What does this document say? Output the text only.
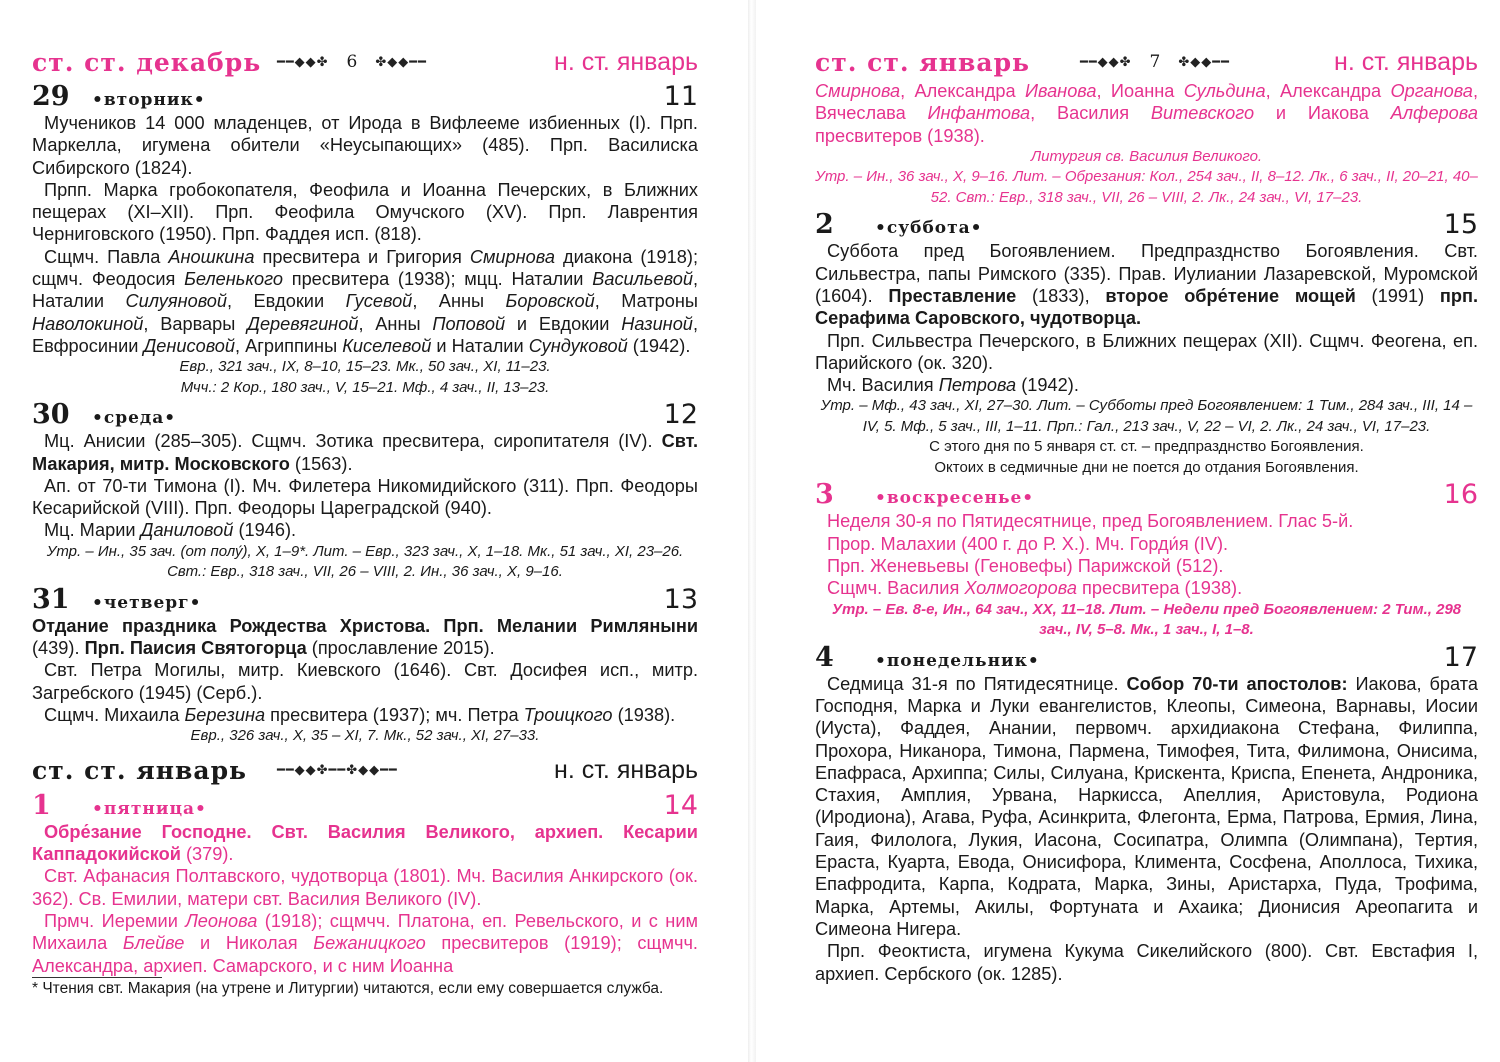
ст. ст. декабрь ━━◆◆✤ 6 ✤◆◆━━	н. ст. январь
29	•вторник•	11

Мучеников 14 000 младенцев, от Ирода в Вифлееме избиенных (I). Прп. Маркелла, игумена обители «Неусыпающих» (485). Прп. Василиска Сибирского (1824).

Прпп. Марка гробокопателя, Феофила и Иоанна Печерских, в Ближних пещерах (XI–XII). Прп. Феофила Омучского (XV). Прп. Лаврентия Черниговского (1950). Прп. Фаддея исп. (818).

Сщмч. Павла Аношкина пресвитера и Григория Смирнова диакона (1918); сщмч. Феодосия Беленького пресвитера (1938); мцц. Наталии Васильевой, Наталии Силуяновой, Евдокии Гусевой, Анны Боровской, Матроны Наволокиной, Варвары Деревягиной, Анны Поповой и Евдокии Назиной, Евфросинии Денисовой, Агриппины Киселевой и Наталии Сундуковой (1942).

Евр., 321 зач., IX, 8–10, 15–23. Мк., 50 зач., XI, 11–23.
Мчч.: 2 Кор., 180 зач., V, 15–21. Мф., 4 зач., II, 13–23.
30	•среда•	12

Мц. Анисии (285–305). Сщмч. Зотика пресвитера, сиропитателя (IV). Свт. Макария, митр. Московского (1563).

Ап. от 70-ти Тимона (I). Мч. Филетера Никомидийского (311). Прп. Феодоры Кесарийской (VIII). Прп. Феодоры Цареградской (940).

Мц. Марии Даниловой (1946).

Утр. – Ин., 35 зач. (от полу́), X, 1–9*. Лит. – Евр., 323 зач., X, 1–18. Мк., 51 зач., XI, 23–26. Свт.: Евр., 318 зач., VII, 26 – VIII, 2. Ин., 36 зач., X, 9–16.
31	•четверг•	13

Отдание праздника Рождества Христова. Прп. Мелании Римляныни (439). Прп. Паисия Святогорца (прославление 2015).

Свт. Петра Могилы, митр. Киевского (1646). Свт. Досифея исп., митр. Загребского (1945) (Серб.).

Сщмч. Михаила Березина пресвитера (1937); мч. Петра Троицкого (1938).

Евр., 326 зач., X, 35 – XI, 7. Мк., 52 зач., XI, 27–33.
ст. ст. январь ━━◆◆✤━━✤◆◆━━	н. ст. январь
1	•пятница•	14

Обре́зание Господне. Свт. Василия Великого, архиеп. Кесарии Каппадокийской (379).

Свт. Афанасия Полтавского, чудотворца (1801). Мч. Василия Анкирского (ок. 362). Св. Емилии, матери свт. Василия Великого (IV).

Прмч. Иеремии Леонова (1918); сщмчч. Платона, еп. Ревельского, и с ним Михаила Блейве и Николая Бежаницкого пресвитеров (1919); сщмчч. Александра, архиеп. Самарского, и с ним Иоанна

* Чтения свт. Макария (на утрене и Литургии) читаются, если ему совершается служба.
ст. ст. январь	━━◆◆✤ 7 ✤◆◆━━	н. ст. январь

Смирнова, Александра Иванова, Иоанна Сульдина, Александра Органова, Вячеслава Инфантова, Василия Витевского и Иакова Алферова пресвитеров (1938).

Литургия св. Василия Великого.
Утр. – Ин., 36 зач., X, 9–16. Лит. – Обрезания: Кол., 254 зач., II, 8–12. Лк., 6 зач., II, 20–21, 40–52. Свт.: Евр., 318 зач., VII, 26 – VIII, 2. Лк., 24 зач., VI, 17–23.
2	•суббота•	15

Суббота пред Богоявлением. Предпразднство Богоявления. Свт. Сильвестра, папы Римского (335). Прав. Иулиании Лазаревской, Муромской (1604). Преставление (1833), второе обре́тение мощей (1991) прп. Серафима Саровского, чудотворца.

Прп. Сильвестра Печерского, в Ближних пещерах (XII). Сщмч. Феогена, еп. Парийского (ок. 320).

Мч. Василия Петрова (1942).

Утр. – Мф., 43 зач., XI, 27–30. Лит. – Субботы пред Богоявлением: 1 Тим., 284 зач., III, 14 – IV, 5. Мф., 5 зач., III, 1–11. Прп.: Гал., 213 зач., V, 22 – VI, 2. Лк., 24 зач., VI, 17–23.
С этого дня по 5 января ст. ст. – предпразднство Богоявления.
Октоих в седмичные дни не поется до отдания Богоявления.
3	•воскресенье•	16

Неделя 30-я по Пятидесятнице, пред Богоявлением. Глас 5-й.

Прор. Малахии (400 г. до Р. Х.). Мч. Горди́я (IV).

Прп. Женевьевы (Геновефы) Парижской (512).

Сщмч. Василия Холмогорова пресвитера (1938).

Утр. – Ев. 8-е, Ин., 64 зач., XX, 11–18. Лит. – Недели пред Богоявлением: 2 Тим., 298 зач., IV, 5–8. Мк., 1 зач., I, 1–8.
4	•понедельник•	17

Седмица 31-я по Пятидесятнице. Собор 70-ти апостолов: Иакова, брата Господня, Марка и Луки евангелистов, Клеопы, Симеона, Варнавы, Иосии (Иуста), Фаддея, Анании, первомч. архидиакона Стефана, Филиппа, Прохора, Никанора, Тимона, Пармена, Тимофея, Тита, Филимона, Онисима, Епафраса, Архиппа; Силы, Силуана, Крискента, Криспа, Епенета, Андроника, Стахия, Амплия, Урвана, Наркисса, Апеллия, Аристовула, Родиона (Иродиона), Агава, Руфа, Асинкрита, Флегонта, Ерма, Патрова, Ермия, Лина, Гаия, Филолога, Лукия, Иасона, Сосипатра, Олимпа (Олимпана), Тертия, Ераста, Куарта, Евода, Онисифора, Климента, Сосфена, Аполлоса, Тихика, Епафродита, Карпа, Кодрата, Марка, Зины, Аристарха, Пуда, Трофима, Марка, Артемы, Акилы, Фортуната и Ахаика; Дионисия Ареопагита и Симеона Нигера.

Прп. Феоктиста, игумена Кукума Сикелийского (800). Свт. Евстафия I, архиеп. Сербского (ок. 1285).
